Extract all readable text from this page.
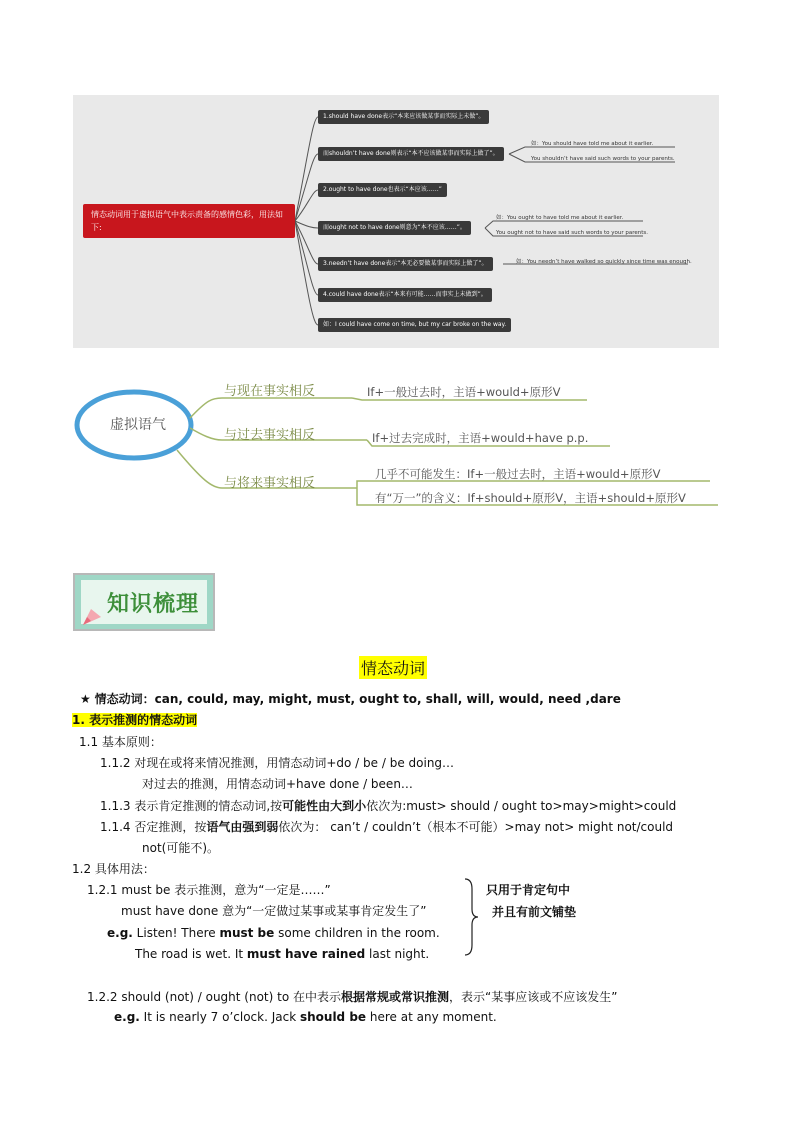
情态动词用于虚拟语气中表示责备的感情色彩，用法如下:
1.should have done表示“本来应该做某事而实际上未做”。
而shouldn’t have done则表示“本不应该做某事而实际上做了”。
2.ought to have done也表示“本应该……”
而ought not to have done则意为“本不应该……”。
3.needn’t have done表示“本无必要做某事而实际上做了”。
4.could have done表示“本来有可能……而事实上未做到”。
如：I could have come on time, but my car broke on the way.
如：You should have told me about it earlier.
You shouldn’t have said such words to your parents.
如：You ought to have told me about it earlier.
You ought not to have said such words to your parents.
如：You needn’t have walked so quickly since time was enough.
虚拟语气
与现在事实相反
与过去事实相反
与将来事实相反
If+一般过去时，主语+would+原形V
If+过去完成时，主语+would+have p.p.
几乎不可能发生：If+一般过去时，主语+would+原形V
有“万一”的含义：If+should+原形V，主语+should+原形V
知识梳理
情态动词
★ 情态动词：can, could, may, might, must, ought to, shall, will, would, need ,dare
1. 表示推测的情态动词
1.1 基本原则：
1.1.2 对现在或将来情况推测，用情态动词+do / be / be doing…
对过去的推测，用情态动词+have done / been…
1.1.3 表示肯定推测的情态动词,按可能性由大到小依次为:must> should / ought to>may>might>could
1.1.4 否定推测，按语气由强到弱依次为： can’t / couldn’t（根本不可能）>may not> might not/could
not(可能不)。
1.2 具体用法：
1.2.1 must be 表示推测，意为“一定是……”
must have done 意为“一定做过某事或某事肯定发生了”
e.g. Listen! There must be some children in the room.
The road is wet. It must have rained last night.
只用于肯定句中
并且有前文铺垫
1.2.2 should (not) / ought (not) to 在中表示根据常规或常识推测，表示“某事应该或不应该发生”
e.g. It is nearly 7 o’clock. Jack should be here at any moment.
